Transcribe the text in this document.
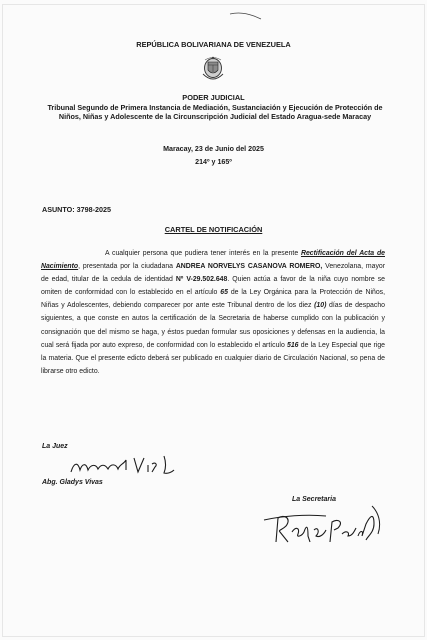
REPÚBLICA BOLIVARIANA DE VENEZUELA

PODER JUDICIAL

Tribunal Segundo de Primera Instancia de Mediación, Sustanciación y Ejecución de Protección de Niños, Niñas y Adolescente de la Circunscripción Judicial del Estado Aragua-sede Maracay

Maracay, 23 de Junio del 2025

214º y 165º

ASUNTO: 3798-2025

CARTEL DE NOTIFICACIÓN

A cualquier persona que pudiera tener interés en la presente Rectificación del Acta de Nacimiento, presentada por la ciudadana ANDREA NORVELYS CASANOVA ROMERO, Venezolana, mayor de edad, titular de la cedula de identidad Nº V-29.502.648. Quien actúa a favor de la niña cuyo nombre se omiten de conformidad con lo establecido en el artículo 65 de la Ley Orgánica para la Protección de Niños, Niñas y Adolescentes, debiendo comparecer por ante este Tribunal dentro de los diez (10) días de despacho siguientes, a que conste en autos la certificación de la Secretaria de haberse cumplido con la publicación y consignación que del mismo se haga, y éstos puedan formular sus oposiciones y defensas en la audiencia, la cual será fijada por auto expreso, de conformidad con lo establecido el artículo 516 de la Ley Especial que rige la materia. Que el presente edicto deberá ser publicado en cualquier diario de Circulación Nacional, so pena de librarse otro edicto.

La Juez

Abg. Gladys Vivas

La Secretaria
